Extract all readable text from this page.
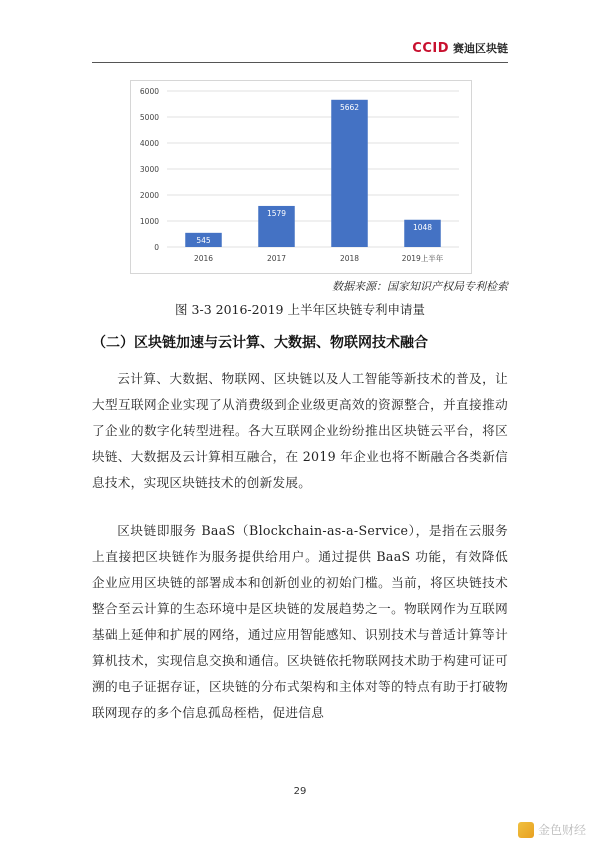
CCID 赛迪区块链
0
1000
2000
3000
4000
5000
6000
545
2016
1579
2017
5662
2018
1048
2019上半年
数据来源：国家知识产权局专利检索
图 3-3 2016-2019 上半年区块链专利申请量
（二）区块链加速与云计算、大数据、物联网技术融合
云计算、大数据、物联网、区块链以及人工智能等新技术的普及，让大型互联网企业实现了从消费级到企业级更高效的资源整合，并直接推动了企业的数字化转型进程。各大互联网企业纷纷推出区块链云平台，将区块链、大数据及云计算相互融合，在 2019 年企业也将不断融合各类新信息技术，实现区块链技术的创新发展。
区块链即服务 BaaS（Blockchain-as-a-Service），是指在云服务上直接把区块链作为服务提供给用户。通过提供 BaaS 功能，有效降低企业应用区块链的部署成本和创新创业的初始门槛。当前，将区块链技术整合至云计算的生态环境中是区块链的发展趋势之一。物联网作为互联网基础上延伸和扩展的网络，通过应用智能感知、识别技术与普适计算等计算机技术，实现信息交换和通信。区块链依托物联网技术助于构建可证可溯的电子证据存证，区块链的分布式架构和主体对等的特点有助于打破物联网现存的多个信息孤岛桎梏，促进信息
29
金色财经
